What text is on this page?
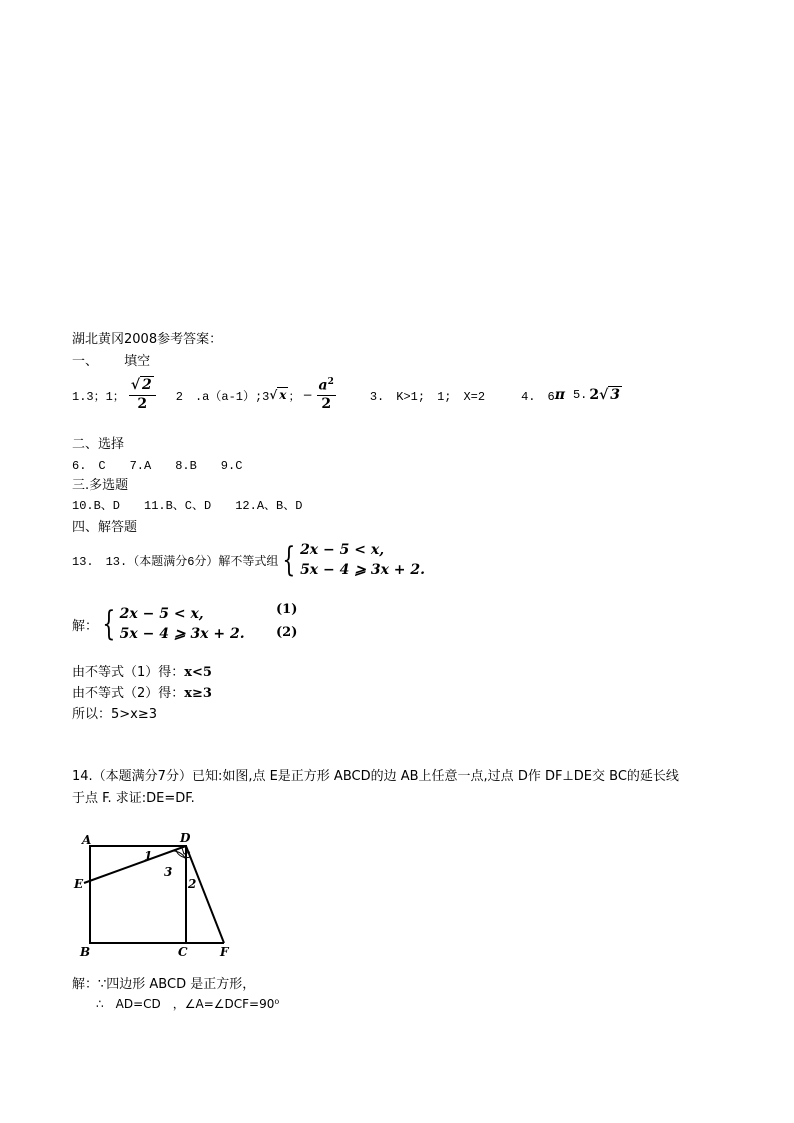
湖北黄冈2008参考答案：
一、 填空
1.3；1； $\frac{√ 2}{2} 2$　.a（a-1）;3 √ x ； − $\frac{a^2}{2}$	3.　K>1;　1;　X=2	4.　6 π 5. 2√ 3
二、选择
6.　C　　7.A　　8.B　　9.C
三.多选题
10.B、D　　11.B、C、D　　12.A、B、D
四、解答题
13.　13.（本题满分6分）解不等式组 { 2x − 5 < x,
5x − 4 ⩾ 3x + 2.
解： { 2x − 5 < x,
5x − 4 ⩾ 3x + 2.
(1)
(2)
由不等式（1）得：x<5
由不等式（2）得：x≥3
所以：5>x≥3
14.（本题满分7分）已知:如图,点 E是正方形 ABCD的边 AB上任意一点,过点 D作 DF⊥DE交 BC的延长线
于点 F. 求证:DE=DF.
A	D
E
B	C	F
1
2
3
解：∵四边形 ABCD 是正方形，
∴　AD=CD　，∠A=∠DCF=90⁰
